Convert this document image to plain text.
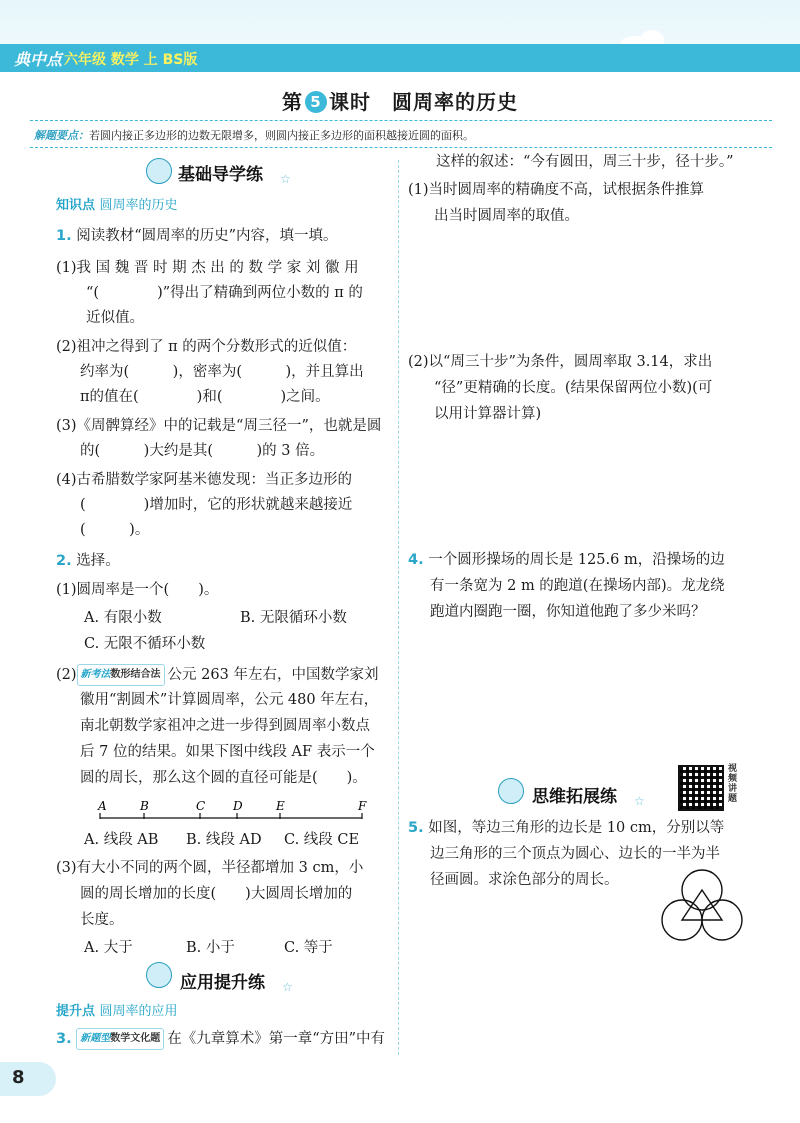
典中点 六年级 数学 上 BS版
第 5 课时　圆周率的历史
解题要点：若圆内接正多边形的边数无限增多，则圆内接正多边形的面积越接近圆的面积。
基础导学练 ☆
知识点 圆周率的历史
1. 阅读教材“圆周率的历史”内容，填一填。
(1)我 国 魏 晋 时 期 杰 出 的 数 学 家 刘 徽 用
“(　　　　)”得出了精确到两位小数的 π 的
近似值。
(2)祖冲之得到了 π 的两个分数形式的近似值：
约率为(　　　)，密率为(　　　)，并且算出
π的值在(　　　　)和(　　　　)之间。
(3)《周髀算经》中的记载是“周三径一”，也就是圆
的(　　　)大约是其(　　　)的 3 倍。
(4)古希腊数学家阿基米德发现：当正多边形的
(　　　　)增加时，它的形状就越来越接近
(　　　)。
2. 选择。
(1)圆周率是一个(　　)。
A. 有限小数	B. 无限循环小数
C. 无限不循环小数
(2) 新考法数形结合法 公元 263 年左右，中国数学家刘
徽用“割圆术”计算圆周率，公元 480 年左右，
南北朝数学家祖冲之进一步得到圆周率小数点
后 7 位的结果。如果下图中线段 AF 表示一个
圆的周长，那么这个圆的直径可能是(　　)。
A	B	C D	E	F
A. 线段 AB B. 线段 AD C. 线段 CE
(3)有大小不同的两个圆，半径都增加 3 cm，小
圆的周长增加的长度(　　)大圆周长增加的
长度。
A. 大于	B. 小于	C. 等于
应用提升练 ☆
提升点 圆周率的应用
3. 新题型数学文化题 在《九章算术》第一章“方田”中有
这样的叙述：“今有圆田，周三十步，径十步。”
(1)当时圆周率的精确度不高，试根据条件推算
出当时圆周率的取值。
(2)以“周三十步”为条件，圆周率取 3.14，求出
“径”更精确的长度。(结果保留两位小数)(可
以用计算器计算)
4. 一个圆形操场的周长是 125.6 m，沿操场的边
有一条宽为 2 m 的跑道(在操场内部)。龙龙绕
跑道内圈跑一圈，你知道他跑了多少米吗？
思维拓展练 ☆
视频讲题
5. 如图，等边三角形的边长是 10 cm，分别以等
边三角形的三个顶点为圆心、边长的一半为半
径画圆。求涂色部分的周长。
8
